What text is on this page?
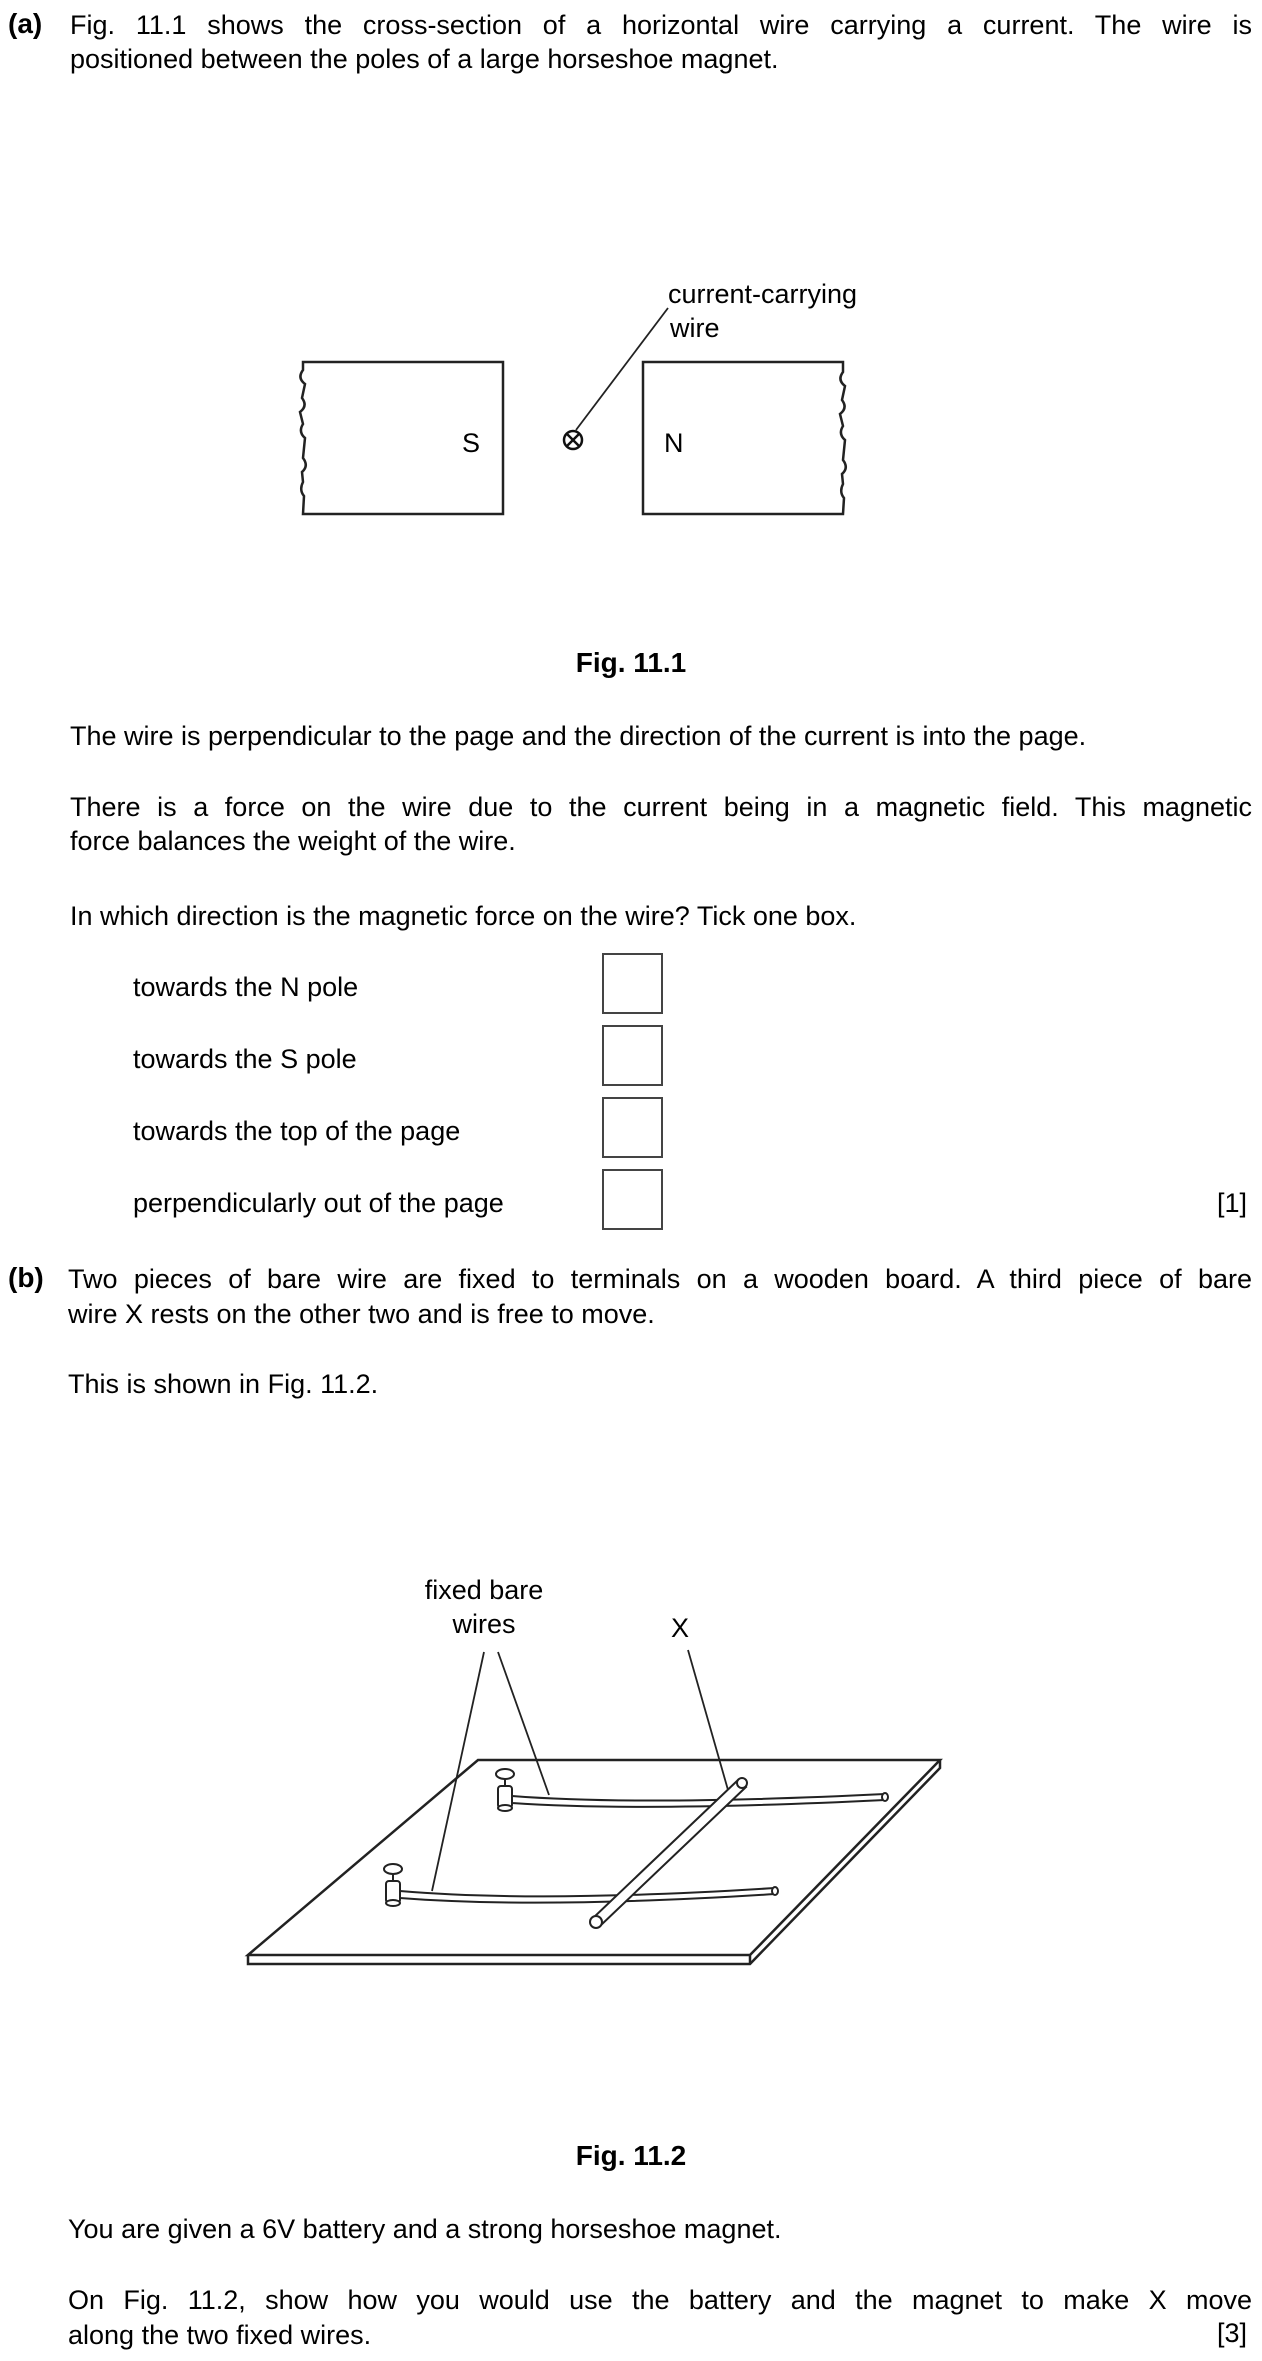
(a) Fig. 11.1 shows the cross-section of a horizontal wire carrying a current. The wire is
positioned between the poles of a large horseshoe magnet.
current-carrying
wire
S	N
Fig. 11.1
The wire is perpendicular to the page and the direction of the current is into the page.
There is a force on the wire due to the current being in a magnetic field. This magnetic
force balances the weight of the wire.
In which direction is the magnetic force on the wire? Tick one box.
towards the N pole
towards the S pole
towards the top of the page
perpendicularly out of the page	[1]
(b) Two pieces of bare wire are fixed to terminals on a wooden board. A third piece of bare
wire X rests on the other two and is free to move.
This is shown in Fig. 11.2.
fixed bare
wires	X
Fig. 11.2
You are given a 6V battery and a strong horseshoe magnet.
On Fig. 11.2, show how you would use the battery and the magnet to make X move
along the two fixed wires.	[3]
